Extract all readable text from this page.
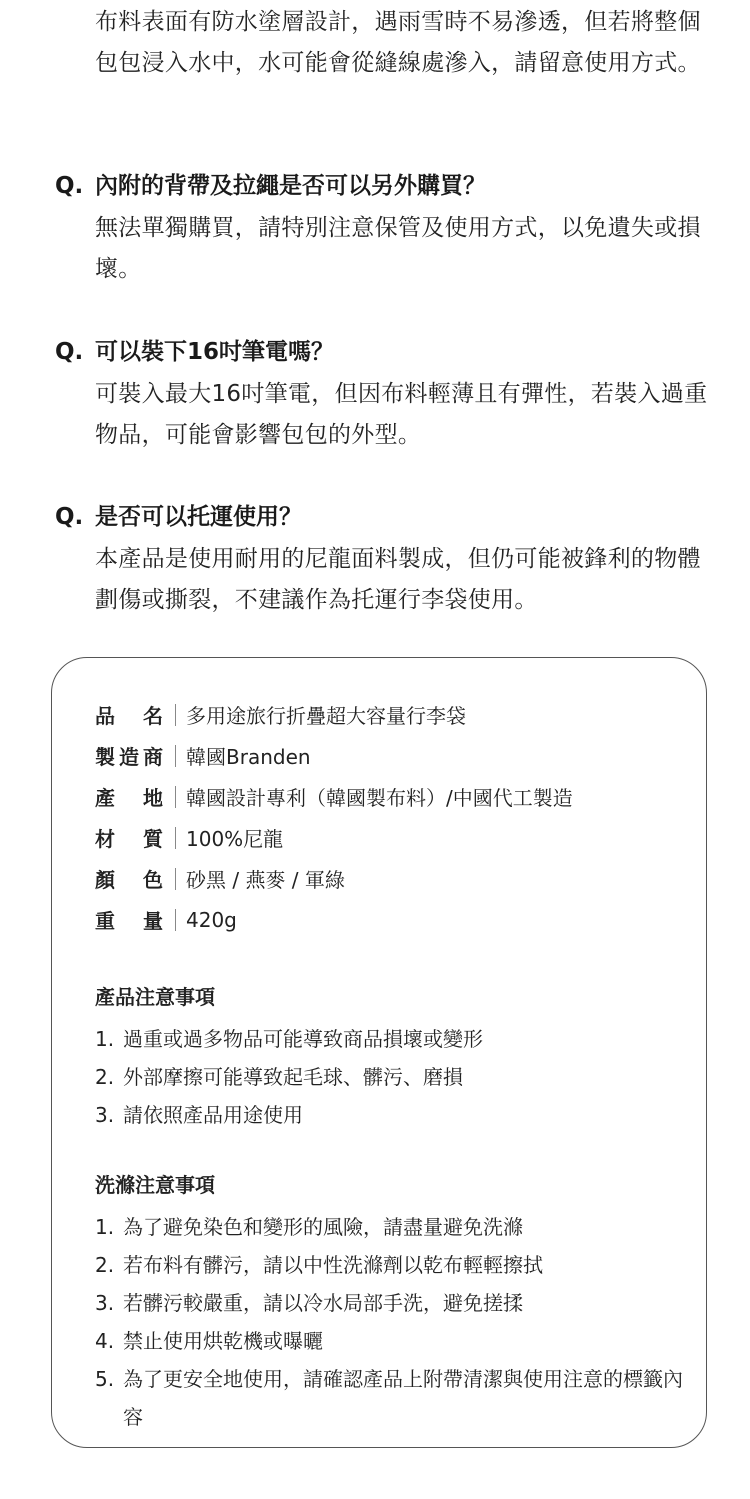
布料表面有防水塗層設計，遇雨雪時不易滲透，但若將整個包包浸入水中，水可能會從縫線處滲入，請留意使用方式。

Q. 內附的背帶及拉繩是否可以另外購買？

無法單獨購買，請特別注意保管及使用方式，以免遺失或損壞。

Q. 可以裝下16吋筆電嗎？

可裝入最大16吋筆電，但因布料輕薄且有彈性，若裝入過重物品，可能會影響包包的外型。

Q. 是否可以托運使用？

本產品是使用耐用的尼龍面料製成，但仍可能被鋒利的物體劃傷或撕裂，不建議作為托運行李袋使用。

品　名 多用途旅行折疊超大容量行李袋
製造商 韓國Branden
產　地 韓國設計專利（韓國製布料）/中國代工製造
材　質 100%尼龍
顏　色 砂黑 / 燕麥 / 軍綠
重　量 420g
產品注意事項
1. 過重或過多物品可能導致商品損壞或變形
2. 外部摩擦可能導致起毛球、髒污、磨損
3. 請依照產品用途使用
洗滌注意事項
1. 為了避免染色和變形的風險，請盡量避免洗滌
2. 若布料有髒污，請以中性洗滌劑以乾布輕輕擦拭
3. 若髒污較嚴重，請以冷水局部手洗，避免搓揉
4. 禁止使用烘乾機或曝曬
5. 為了更安全地使用，請確認產品上附帶清潔與使用注意的標籤內容
